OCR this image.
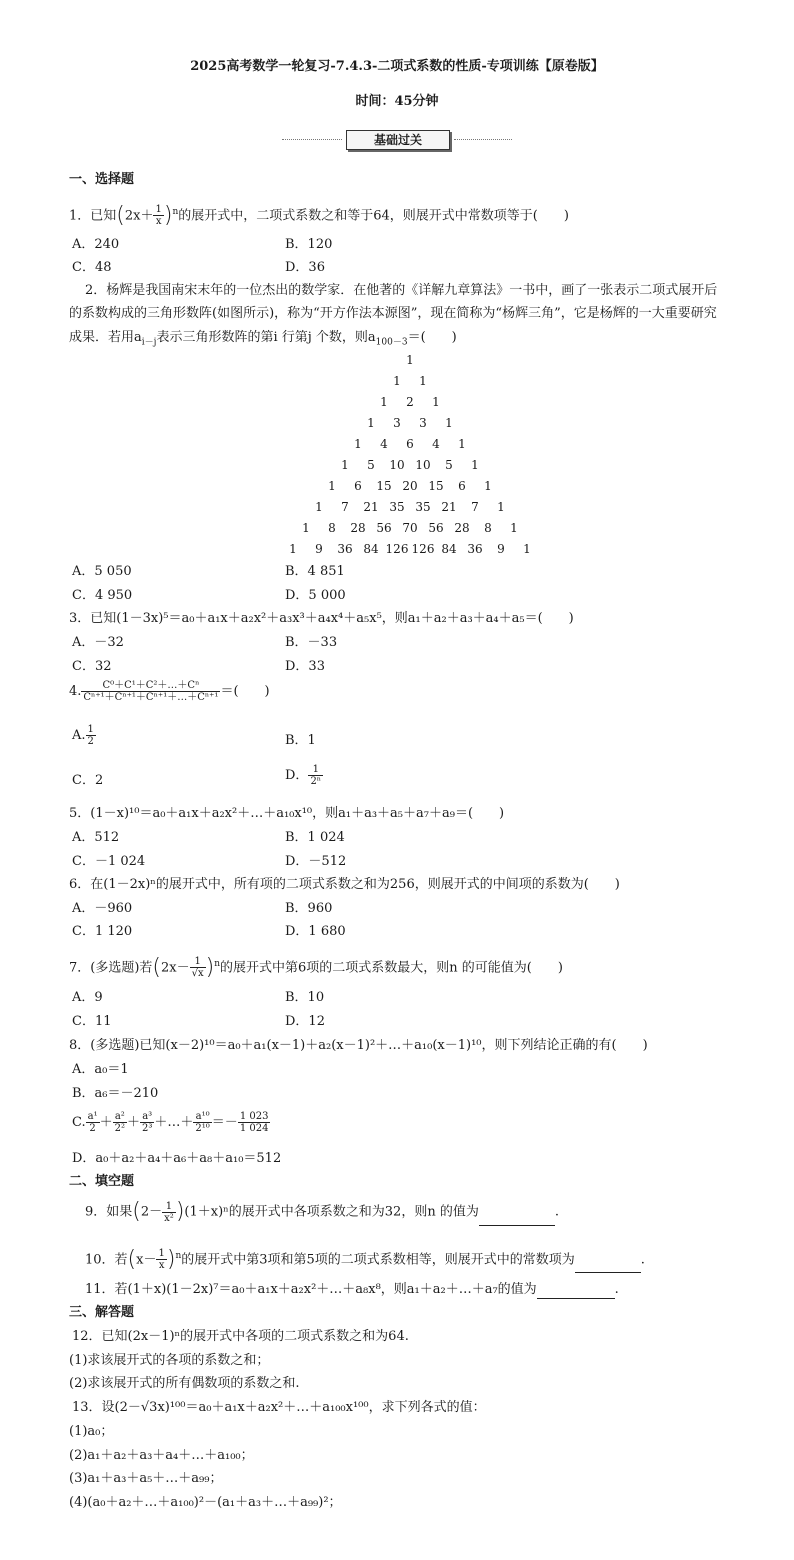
2025高考数学一轮复习-7.4.3-二项式系数的性质-专项训练【原卷版】
时间：45分钟
基础过关
一、选择题
1．已知$(2x+ \frac{1}{x} )^n$的展开式中，二项式系数之和等于64，则展开式中常数项等于(　　)
A．240	B．120
C．48	D．36
2．杨辉是我国南宋末年的一位杰出的数学家．在他著的《详解九章算法》一书中，画了一张表示二项式展开后
的系数构成的三角形数阵(如图所示)，称为“开方作法本源图”，现在简称为“杨辉三角”，它是杨辉的一大重要研究
成果．若用$a_{i-j}$表示三角形数阵的第i 行第j 个数，则$a_{100-3}=$(　　)
1
1	1
1	2	1
1	3	3	1
1	4	6	4	1
1	5	10 10	5	1
1	6	15 20 15	6	1
1	7	21 35 35 21	7	1
1	8	28 56 70 56 28	8	1
1	9	36 84 126 126 84 36	9	1
A．5 050	B．4 851
C．4 950	D．5 000
3．已知(1－3x)⁵＝a₀＋a₁x＋a₂x²＋a₃x³＋a₄x⁴＋a₅x⁵，则a₁＋a₂＋a₃＋a₄＋a₅＝(　　)
A．－32	B．－33
C．32	D．33
4. $\frac{\text{C⁰＋C¹＋C²＋…＋Cⁿ}}{\text{Cⁿ⁺¹＋Cⁿ⁺¹＋Cⁿ⁺¹＋…＋Cⁿ⁺¹}}$ ＝(　　)
A. $\frac{1}{2}$	B．1
C．2	D． $\frac{1}{\text{2ⁿ}}$
5．(1－x)¹⁰＝a₀＋a₁x＋a₂x²＋…＋a₁₀x¹⁰，则a₁＋a₃＋a₅＋a₇＋a₉＝(　　)
A．512	B．1 024
C．－1 024	D．－512
6．在(1－2x)ⁿ的展开式中，所有项的二项式系数之和为256，则展开式的中间项的系数为(　　)
A．－960	B．960
C．1 120	D．1 680
7．(多选题)若$(2x- \frac{1}{√x} )^n$的展开式中第6项的二项式系数最大，则n 的可能值为(　　)
A．9	B．10
C．11	D．12
8．(多选题)已知(x－2)¹⁰＝a₀＋a₁(x－1)＋a₂(x－1)²＋…＋a₁₀(x－1)¹⁰，则下列结论正确的有(　　)
A．a₀＝1
B．a₆＝－210
C. $\frac{\text{a¹}}{2} + \frac{\text{a²}}{\text{2²}} + \frac{\text{a³}}{\text{2³}}$ ＋…＋ $\frac{\text{a¹⁰}}{\text{2¹⁰}} =- \frac{1 023}{1 024}$
D．a₀＋a₂＋a₄＋a₆＋a₈＋a₁₀＝512
二、填空题
9．如果$(2- \frac{1}{\text{x²}} )(1+x)^n$的展开式中各项系数之和为32，则n 的值为	.
10．若$(x- \frac{1}{x} )^n$的展开式中第3项和第5项的二项式系数相等，则展开式中的常数项为	.
11．若(1＋x)(1－2x)⁷＝a₀＋a₁x＋a₂x²＋…＋a₈x⁸，则a₁＋a₂＋…＋a₇的值为	.
三、解答题
12．已知(2x－1)ⁿ的展开式中各项的二项式系数之和为64.
(1)求该展开式的各项的系数之和；
(2)求该展开式的所有偶数项的系数之和.
13．设(2－√3x)¹⁰⁰＝a₀＋a₁x＋a₂x²＋…＋a₁₀₀x¹⁰⁰，求下列各式的值：
(1)a₀；
(2)a₁＋a₂＋a₃＋a₄＋…＋a₁₀₀；
(3)a₁＋a₃＋a₅＋…＋a₉₉；
(4)(a₀＋a₂＋…＋a₁₀₀)²－(a₁＋a₃＋…＋a₉₉)²；
